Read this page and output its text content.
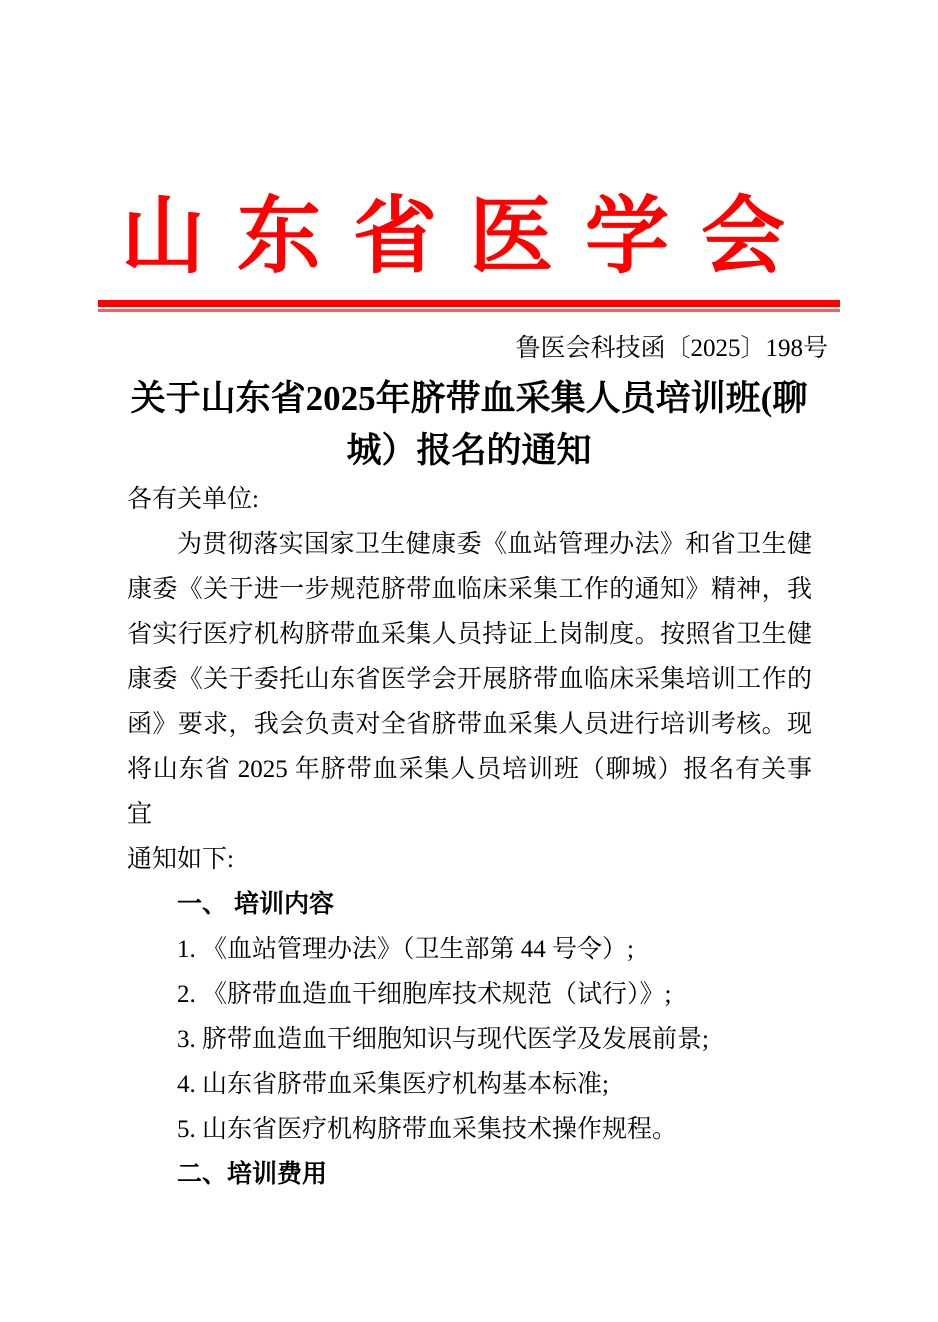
山东省医学会
鲁医会科技函〔2025〕198号
关于山东省2025年脐带血采集人员培训班(聊
城）报名的通知
各有关单位:
为贯彻落实国家卫生健康委《血站管理办法》和省卫生健
康委《关于进一步规范脐带血临床采集工作的通知》精神，我
省实行医疗机构脐带血采集人员持证上岗制度。按照省卫生健
康委《关于委托山东省医学会开展脐带血临床采集培训工作的
函》要求，我会负责对全省脐带血采集人员进行培训考核。现
将山东省 2025 年脐带血采集人员培训班（聊城）报名有关事宜
通知如下:
一、 培训内容
1. 《血站管理办法》（卫生部第 44 号令）;
2. 《脐带血造血干细胞库技术规范（试行）》;
3. 脐带血造血干细胞知识与现代医学及发展前景;
4. 山东省脐带血采集医疗机构基本标准;
5. 山东省医疗机构脐带血采集技术操作规程。
二、培训费用
